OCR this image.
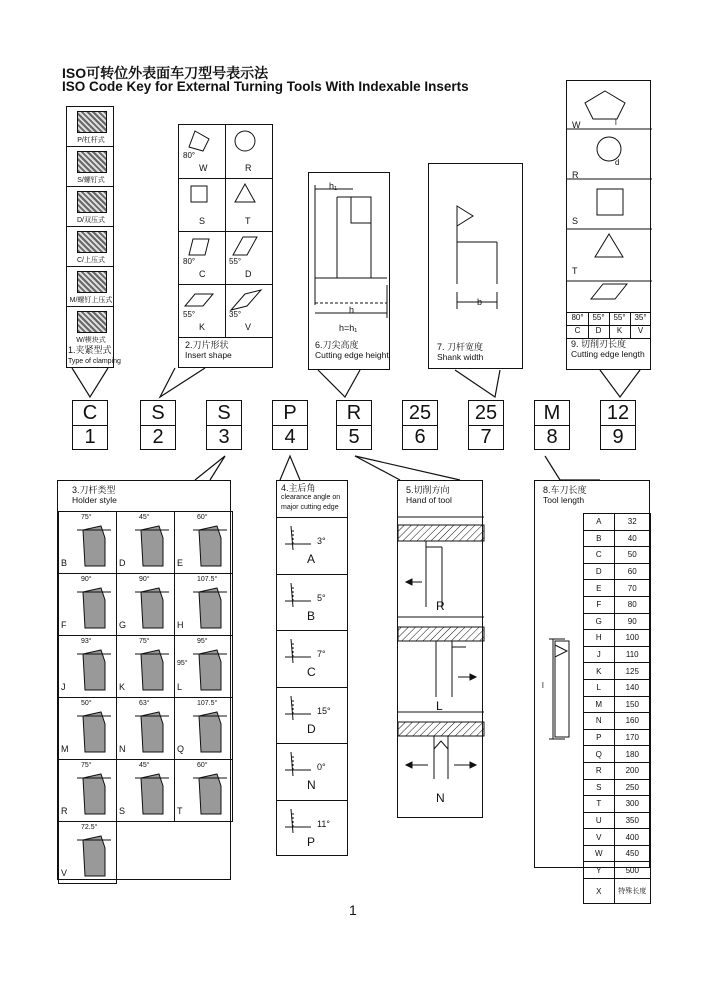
ISO可转位外表面车刀型号表示法
ISO Code Key for External Turning Tools With Indexable Inserts
P/杠杆式
S/螺钉式
D/双压式
C/上压式
M/螺钉上压式
W/楔块式
80°
W	R
S	T
80°
C
55°
D
55°
K
35°
V
2.刀片形状
Insert shape
h₁
h
h=h₁
6.刀尖高度
Cutting edge height
b
7. 刀杆宽度
Shank width
W
R
S
T
d
l
80°
C
55°
D
55°
K
35°
V
9. 切削刃长度
Cutting edge length
1.夹紧型式
Type of clamping
C
1
S
2
S
3
P
4
R
5
25
6
25
7
M
8
12
9
3.刀杆类型
Holder style
75°
B
45°
D
60°
E
90°
F
90°
G
107.5°
H
93°
J
75°
K
95°
95°
L
50°
M
63°
N
107.5°
Q
75°
R
45°
S
60°
T
72.5°
V
4.主后角
clearance angle on
major cutting edge
3°
A
5°
B
7°
C
15°
D
0°
N
11°
P
5.切削方向
Hand of tool
R
L
N
8.车刀长度
Tool length
l
A	32
B	40
C	50
D	60
E	70
F	80
G	90
H	100
J	110
K	125
L	140
M	150
N	160
P	170
Q	180
R	200
S	250
T	300
U	350
V	400
W	450
Y	500
X	特殊长度
1
